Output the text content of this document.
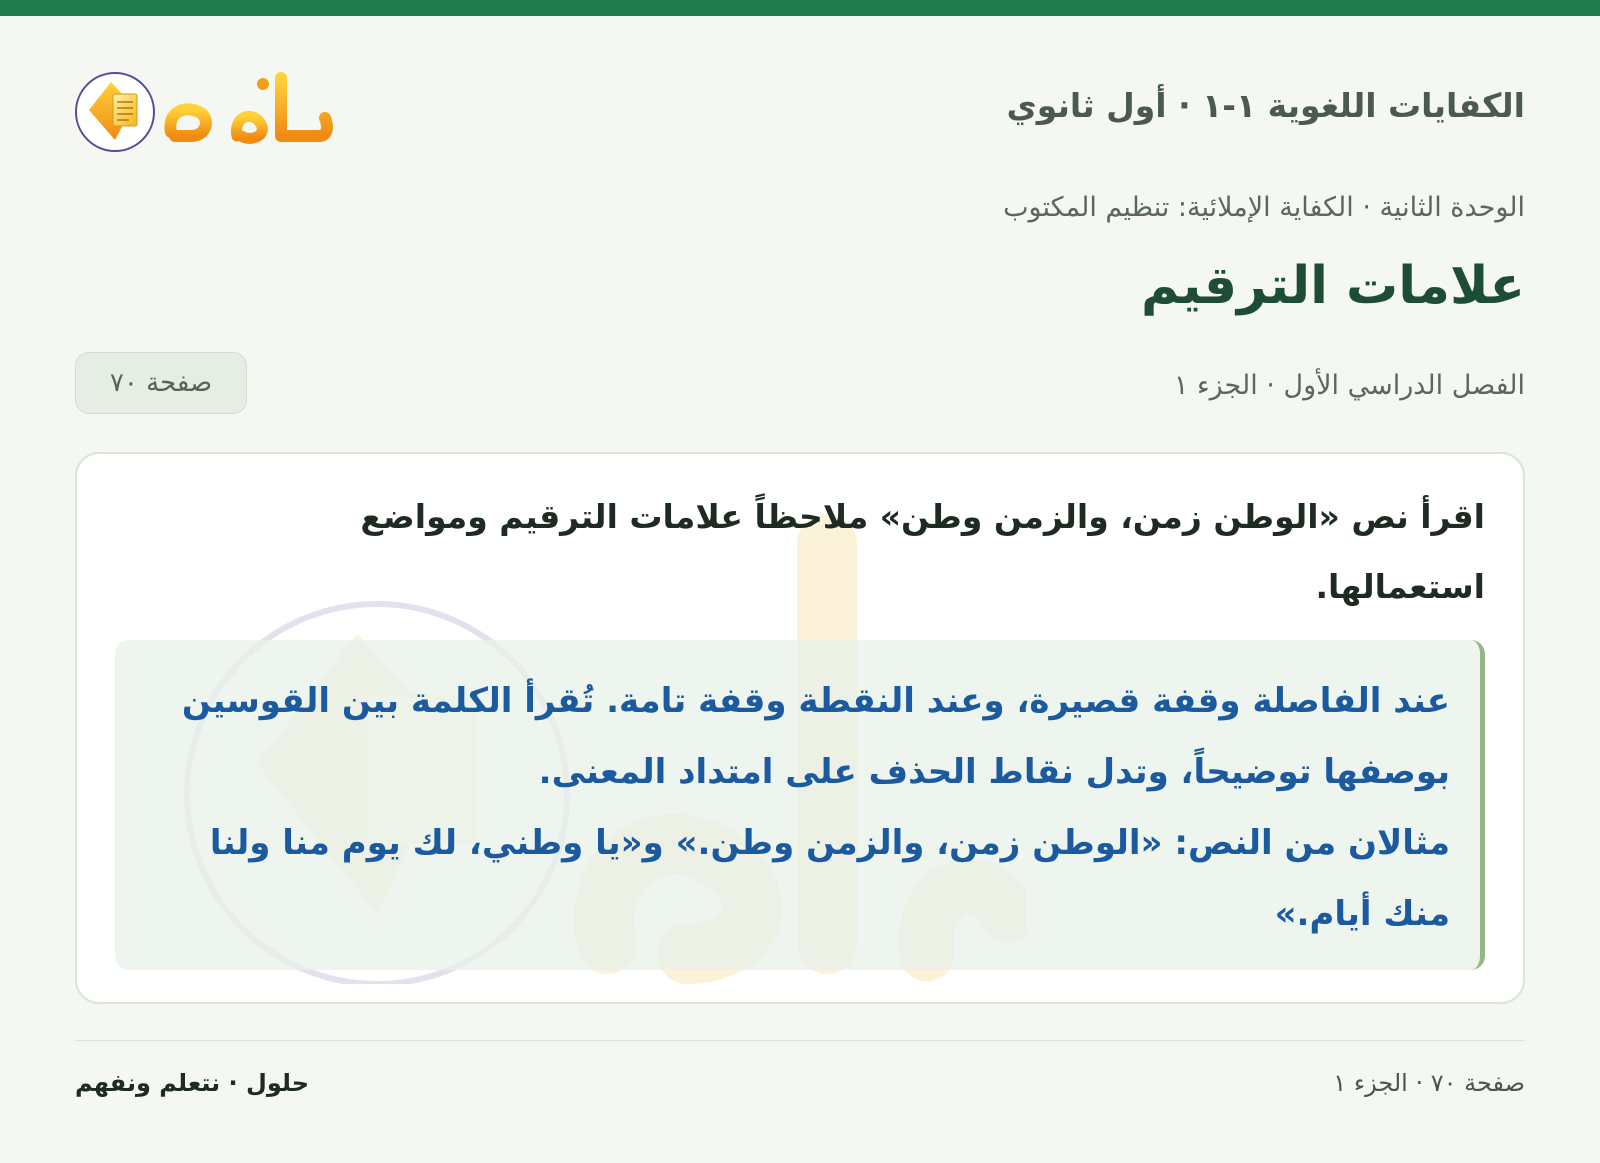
الكفايات اللغوية ١-١ · أول ثانوي
الوحدة الثانية · الكفاية الإملائية: تنظيم المكتوب
علامات الترقيم
الفصل الدراسي الأول · الجزء ١
صفحة ٧٠
اقرأ نص «الوطن زمن، والزمن وطن» ملاحظاً علامات الترقيم ومواضع استعمالها.

عند الفاصلة وقفة قصيرة، وعند النقطة وقفة تامة. تُقرأ الكلمة بين القوسين بوصفها توضيحاً، وتدل نقاط الحذف على امتداد المعنى.

مثالان من النص: «الوطن زمن، والزمن وطن.» و«يا وطني، لك يوم منا ولنا منك أيام.»

صفحة ٧٠ · الجزء ١
حلول · نتعلم ونفهم
